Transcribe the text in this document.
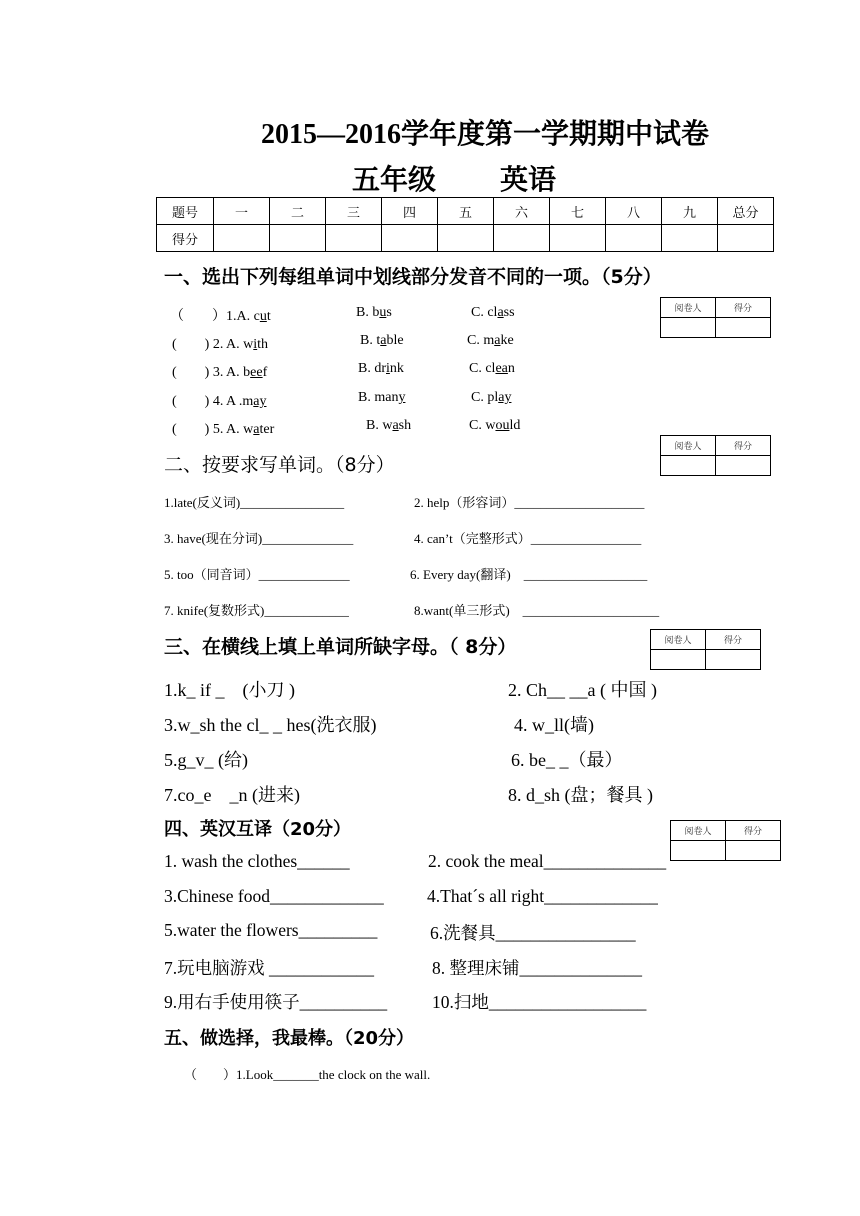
2015—2016学年度第一学期期中试卷
五年级 英语
题号	一	二	三	四	五	六	七	八	九	总分
得分										
一、选出下列每组单词中划线部分发音不同的一项。（5分）
（　　）1.A. cut	B. bus	C. class
(　　) 2. A. with	B. table	C. make
(　　) 3. A. beef	B. drink	C. clean
(　　) 4. A .may	B. many	C. play
(　　) 5. A. water	B. wash	C. would
阅卷人	得分

二、按要求写单词。（8分）
阅卷人	得分

1.late(反义词)________________	2. help（形容词）____________________
3. have(现在分词)______________	4. can’t（完整形式）_________________
5. too（同音词）______________	6. Every day(翻译)　___________________
7. knife(复数形式)_____________	8.want(单三形式)　_____________________
三、在横线上填上单词所缺字母。（ 8分）	阅卷人	得分

1.k_ if _　(小刀 )	2. Ch__ __a ( 中国 )
3.w_sh the cl_ _ hes(洗衣服)	4. w_ll(墙)
5.g_v_ (给)	6. be_ _（最）
7.co_e　_n (进来)	8. d_sh (盘；餐具 )
四、英汉互译（20分）	阅卷人	得分

1. wash the clothes______	2. cook the meal______________
3.Chinese food_____________ 4.That´s all right_____________
5.water the flowers_________	6.洗餐具________________
7.玩电脑游戏 ____________	8. 整理床铺______________
9.用右手使用筷子__________	10.扫地__________________
五、做选择，我最棒。（20分）
（　　）1.Look_______the clock on the wall.
